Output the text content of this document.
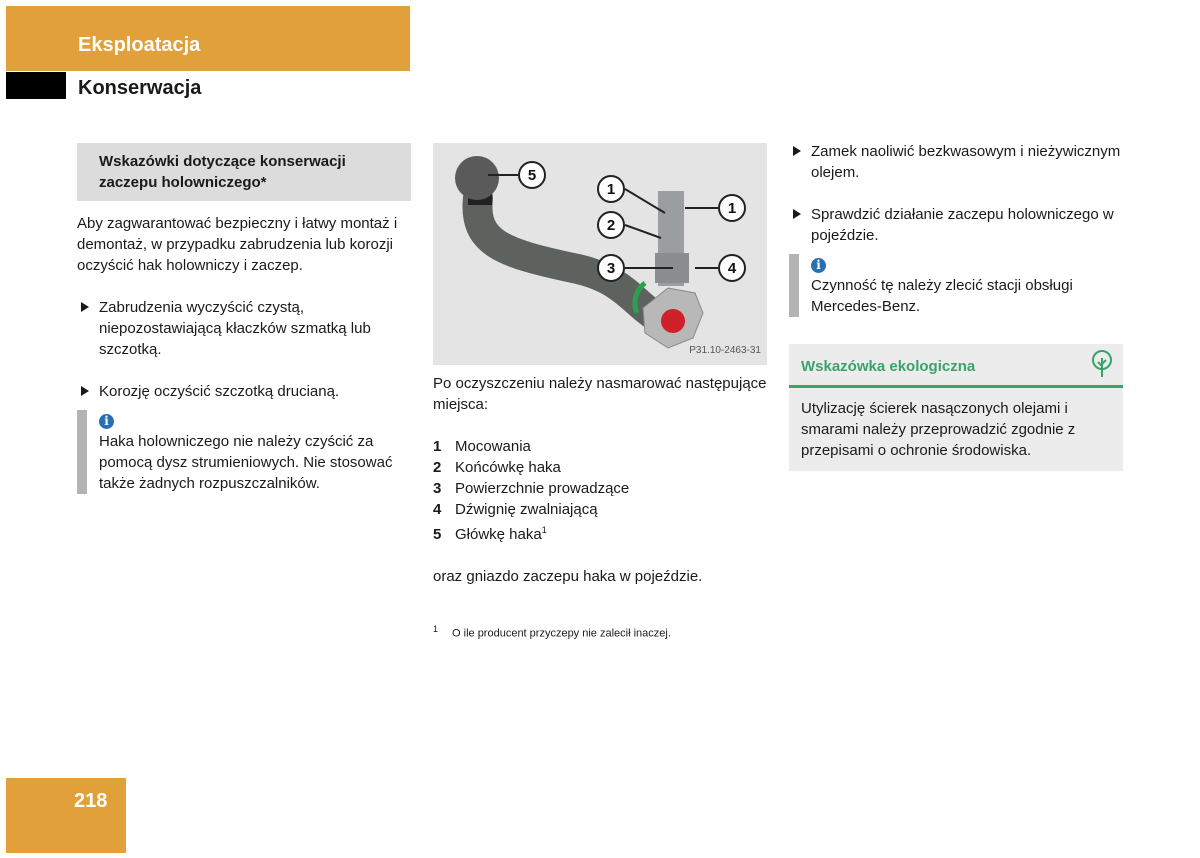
Eksploatacja
Konserwacja
Wskazówki dotyczące konserwacji zaczepu holowniczego*

Aby zagwarantować bezpieczny i łatwy montaż i demontaż, w przypadku zabrudzenia lub korozji oczyścić hak holowniczy i zaczep.

Zabrudzenia wyczyścić czystą, niepozostawiającą kłaczków szmatką lub szczotką.

Korozję oczyścić szczotką drucianą.

i
Haka holowniczego nie należy czyścić za pomocą dysz strumieniowych. Nie stosować także żadnych rozpuszczalników.
5
1
1
2
3	4
P31.10-2463-31

Po oczyszczeniu należy nasmarować następujące miejsca:

1 Mocowania
2 Końcówkę haka
3 Powierzchnie prowadzące
4 Dźwignię zwalniającą
5 Główkę haka$^1$

oraz gniazdo zaczepu haka w pojeździe.

$^1$ O ile producent przyczepy nie zalecił inaczej.

Zamek naoliwić bezkwasowym i nieżywicznym olejem.

Sprawdzić działanie zaczepu holowniczego w pojeździe.

i
Czynność tę należy zlecić stacji obsługi Mercedes-Benz.
Wskazówka ekologiczna
Utylizację ścierek nasączonych olejami i smarami należy przeprowadzić zgodnie z przepisami o ochronie środowiska.
218
